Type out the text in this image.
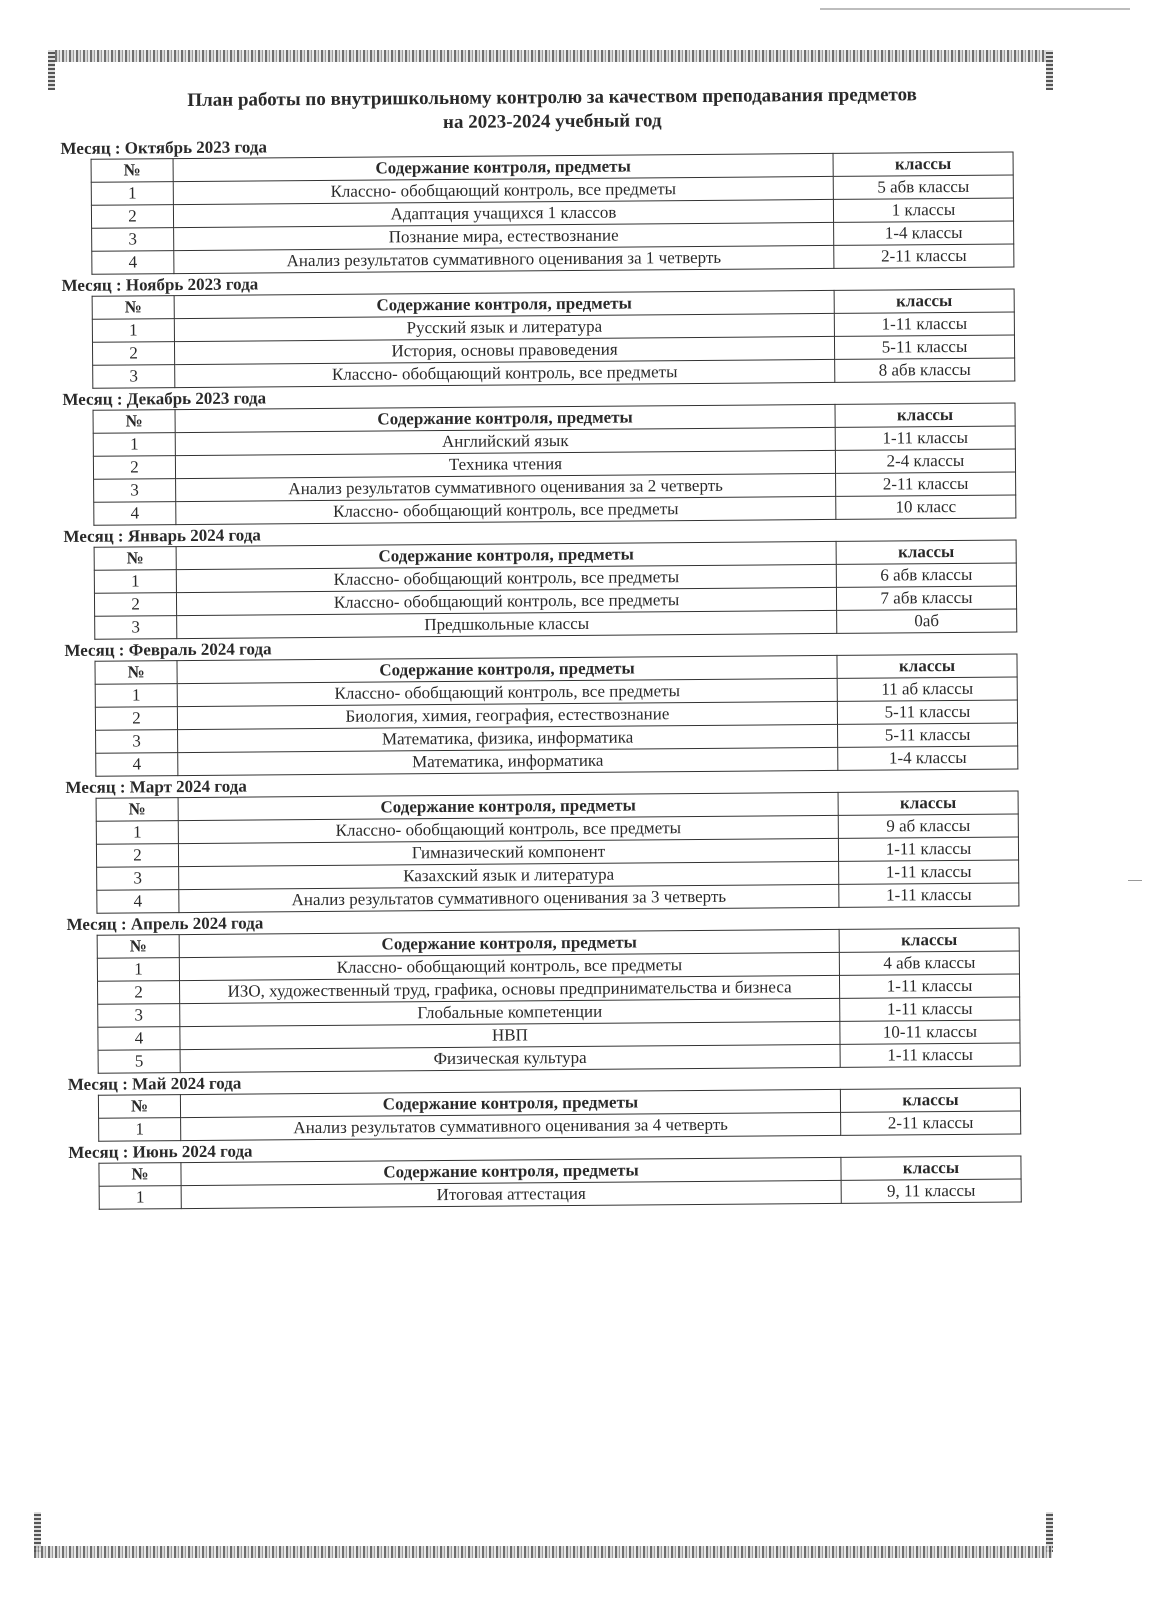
План работы по внутришкольному контролю за качеством преподавания предметов
на 2023-2024 учебный год
Месяц : Октябрь 2023 года
№	Содержание контроля, предметы	классы
1	Классно- обобщающий контроль, все предметы	5 абв классы
2	Адаптация учащихся 1 классов	1 классы
3	Познание мира, естествознание	1-4 классы
4	Анализ результатов суммативного оценивания за 1 четверть	2-11 классы
Месяц : Ноябрь 2023 года
№	Содержание контроля, предметы	классы
1	Русский язык и литература	1-11 классы
2	История, основы правоведения	5-11 классы
3	Классно- обобщающий контроль, все предметы	8 абв классы
Месяц : Декабрь 2023 года
№	Содержание контроля, предметы	классы
1	Английский язык	1-11 классы
2	Техника чтения	2-4 классы
3	Анализ результатов суммативного оценивания за 2 четверть	2-11 классы
4	Классно- обобщающий контроль, все предметы	10 класс
Месяц : Январь 2024 года
№	Содержание контроля, предметы	классы
1	Классно- обобщающий контроль, все предметы	6 абв классы
2	Классно- обобщающий контроль, все предметы	7 абв классы
3	Предшкольные классы	0аб
Месяц : Февраль 2024 года
№	Содержание контроля, предметы	классы
1	Классно- обобщающий контроль, все предметы	11 аб классы
2	Биология, химия, география, естествознание	5-11 классы
3	Математика, физика, информатика	5-11 классы
4	Математика, информатика	1-4 классы
Месяц : Март 2024 года
№	Содержание контроля, предметы	классы
1	Классно- обобщающий контроль, все предметы	9 аб классы
2	Гимназический компонент	1-11 классы
3	Казахский язык и литература	1-11 классы
4	Анализ результатов суммативного оценивания за 3 четверть	1-11 классы
Месяц : Апрель 2024 года
№	Содержание контроля, предметы	классы
1	Классно- обобщающий контроль, все предметы	4 абв классы
2	ИЗО, художественный труд, графика, основы предпринимательства и бизнеса	1-11 классы
3	Глобальные компетенции	1-11 классы
4	НВП	10-11 классы
5	Физическая культура	1-11 классы
Месяц : Май 2024 года
№	Содержание контроля, предметы	классы
1	Анализ результатов суммативного оценивания за 4 четверть	2-11 классы
Месяц : Июнь 2024 года
№	Содержание контроля, предметы	классы
1	Итоговая аттестация	9, 11 классы
